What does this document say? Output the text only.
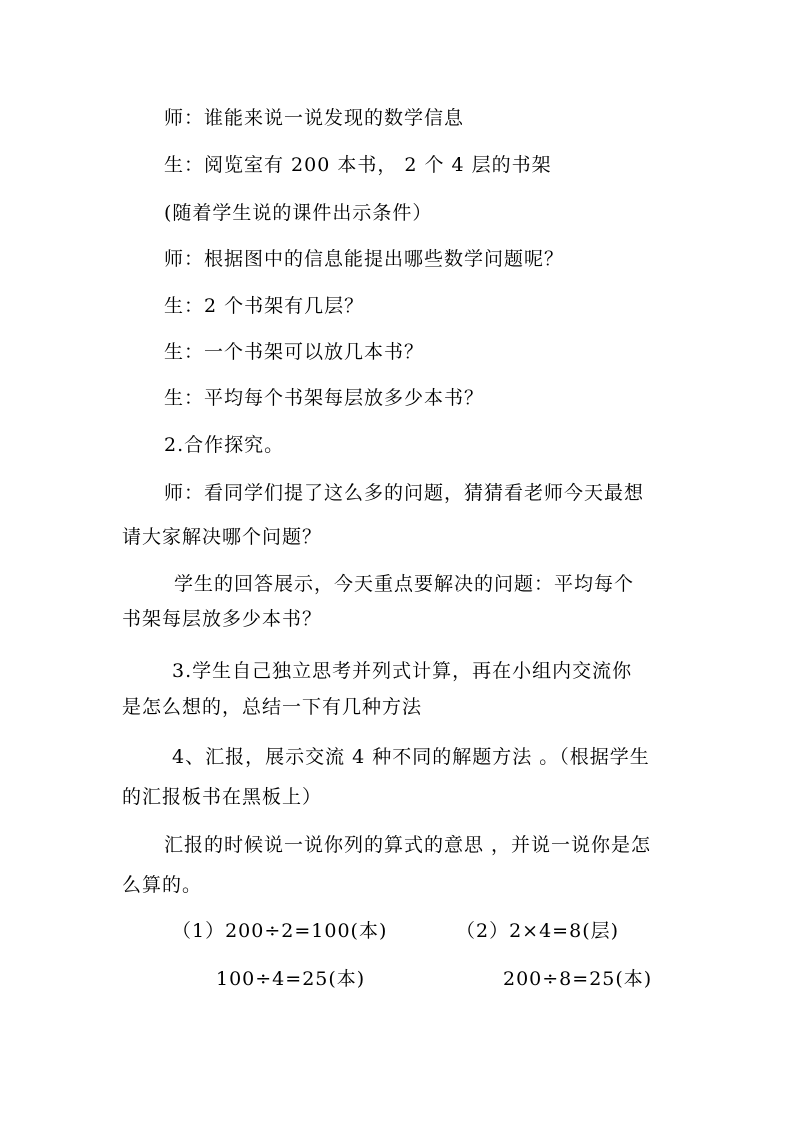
师：谁能来说一说发现的数学信息
生：阅览室有 200 本书， 2 个 4 层的书架
(随着学生说的课件出示条件）
师：根据图中的信息能提出哪些数学问题呢？
生：2 个书架有几层？
生：一个书架可以放几本书？
生：平均每个书架每层放多少本书？
2.合作探究。
师：看同学们提了这么多的问题，猜猜看老师今天最想
请大家解决哪个问题？
学生的回答展示，今天重点要解决的问题：平均每个
书架每层放多少本书？
3.学生自己独立思考并列式计算，再在小组内交流你
是怎么想的，总结一下有几种方法
4、汇报，展示交流 4 种不同的解题方法 。（根据学生
的汇报板书在黑板上）
汇报的时候说一说你列的算式的意思 ，并说一说你是怎
么算的。
（1）200÷2=100(本)
100÷4=25(本)
（2）2×4=8(层)
200÷8=25(本)
